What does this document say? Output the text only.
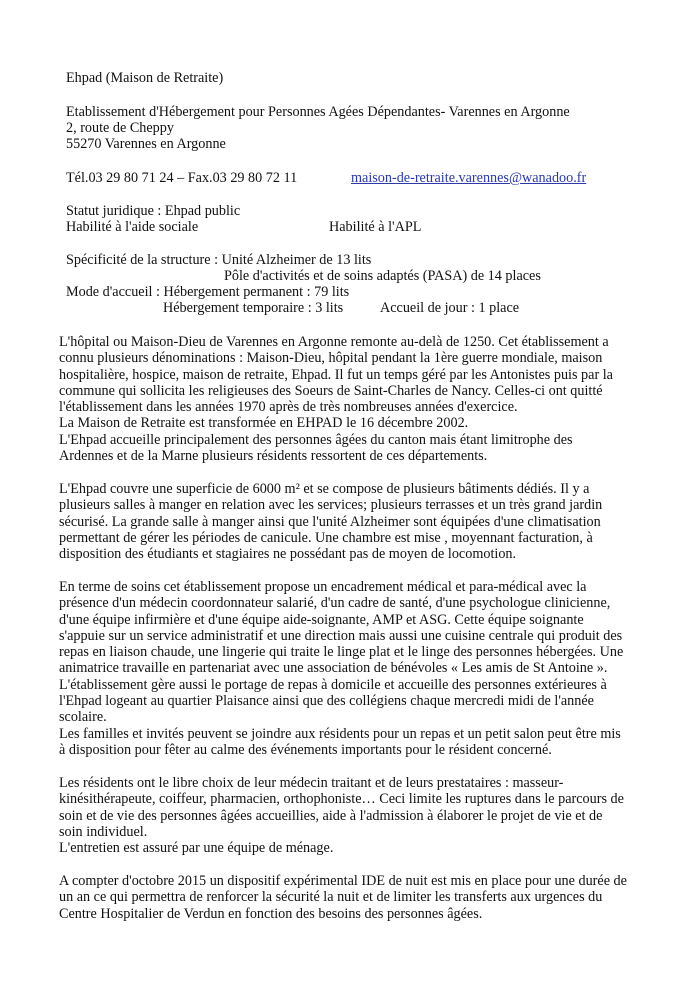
Ehpad (Maison de Retraite)
Etablissement d'Hébergement pour Personnes Agées Dépendantes- Varennes en Argonne
2, route de Cheppy
55270 Varennes en Argonne
Tél.03 29 80 71 24 – Fax.03 29 80 72 11	maison-de-retraite.varennes@wanadoo.fr
Statut juridique : Ehpad public
Habilité à l'aide sociale	Habilité à l'APL
Spécificité de la structure : Unité Alzheimer de 13 lits
Pôle d'activités et de soins adaptés (PASA) de 14 places
Mode d'accueil : Hébergement permanent : 79 lits
Hébergement temporaire : 3 lits	Accueil de jour : 1 place
L'hôpital ou Maison-Dieu de Varennes en Argonne remonte au-delà de 1250. Cet établissement a
connu plusieurs dénominations : Maison-Dieu, hôpital pendant la 1ère guerre mondiale, maison
hospitalière, hospice, maison de retraite, Ehpad. Il fut un temps géré par les Antonistes puis par la
commune qui sollicita les religieuses des Soeurs de Saint-Charles de Nancy. Celles-ci ont quitté
l'établissement dans les années 1970 après de très nombreuses années d'exercice.
La Maison de Retraite est transformée en EHPAD le 16 décembre 2002.
L'Ehpad accueille principalement des personnes âgées du canton mais étant limitrophe des
Ardennes et de la Marne plusieurs résidents ressortent de ces départements.
L'Ehpad couvre une superficie de 6000 m² et se compose de plusieurs bâtiments dédiés. Il y a
plusieurs salles à manger en relation avec les services; plusieurs terrasses et un très grand jardin
sécurisé. La grande salle à manger ainsi que l'unité Alzheimer sont équipées d'une climatisation
permettant de gérer les périodes de canicule. Une chambre est mise , moyennant facturation, à
disposition des étudiants et stagiaires ne possédant pas de moyen de locomotion.
En terme de soins cet établissement propose un encadrement médical et para-médical avec la
présence d'un médecin coordonnateur salarié, d'un cadre de santé, d'une psychologue clinicienne,
d'une équipe infirmière et d'une équipe aide-soignante, AMP et ASG. Cette équipe soignante
s'appuie sur un service administratif et une direction mais aussi une cuisine centrale qui produit des
repas en liaison chaude, une lingerie qui traite le linge plat et le linge des personnes hébergées. Une
animatrice travaille en partenariat avec une association de bénévoles « Les amis de St Antoine ».
L'établissement gère aussi le portage de repas à domicile et accueille des personnes extérieures à
l'Ehpad logeant au quartier Plaisance ainsi que des collégiens chaque mercredi midi de l'année
scolaire.
Les familles et invités peuvent se joindre aux résidents pour un repas et un petit salon peut être mis
à disposition pour fêter au calme des événements importants pour le résident concerné.
Les résidents ont le libre choix de leur médecin traitant et de leurs prestataires : masseur-
kinésithérapeute, coiffeur, pharmacien, orthophoniste… Ceci limite les ruptures dans le parcours de
soin et de vie des personnes âgées accueillies, aide à l'admission à élaborer le projet de vie et de
soin individuel.
L'entretien est assuré par une équipe de ménage.
A compter d'octobre 2015 un dispositif expérimental IDE de nuit est mis en place pour une durée de
un an ce qui permettra de renforcer la sécurité la nuit et de limiter les transferts aux urgences du
Centre Hospitalier de Verdun en fonction des besoins des personnes âgées.
